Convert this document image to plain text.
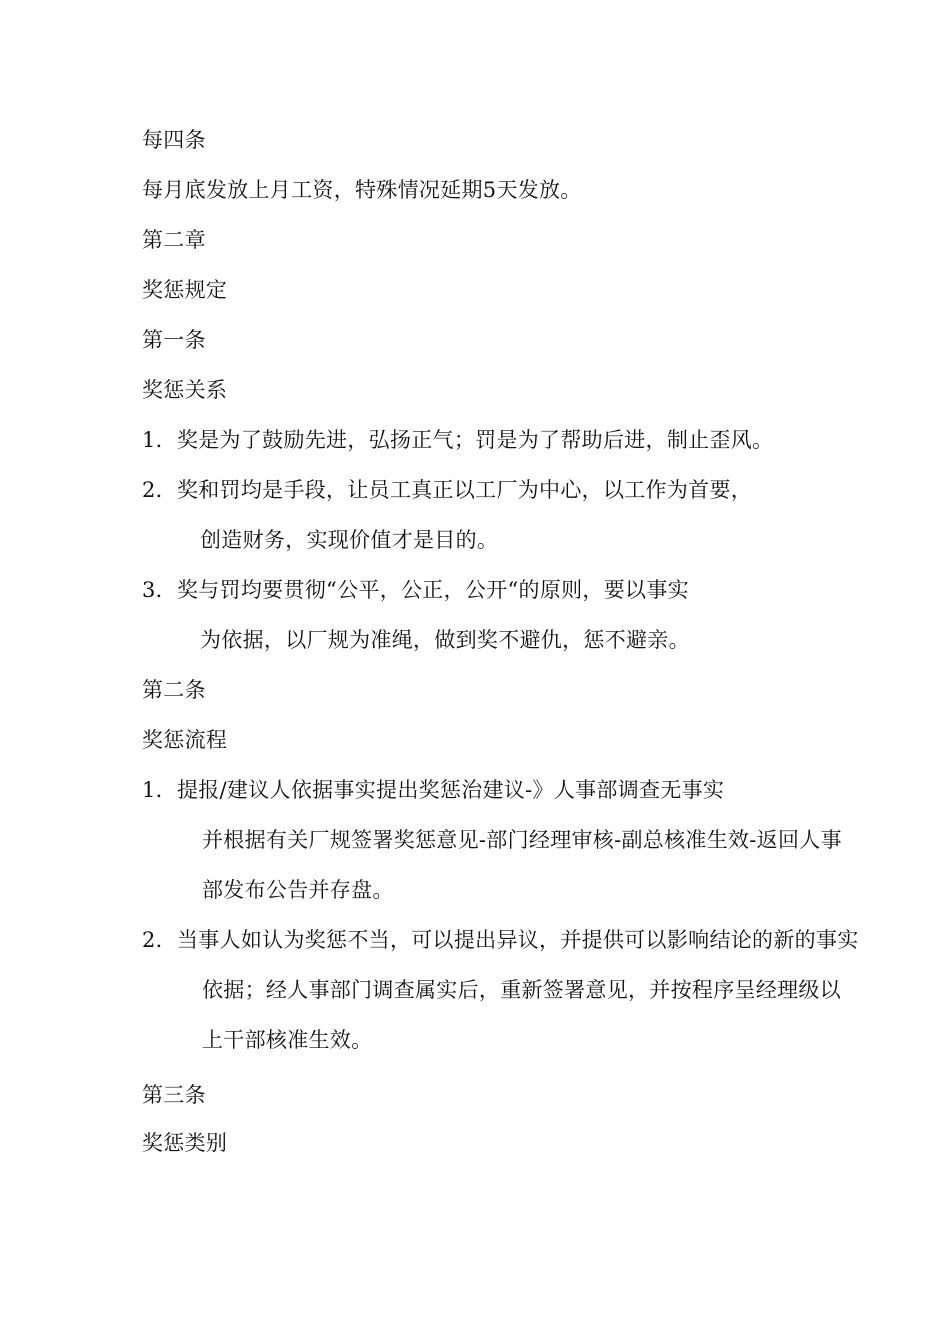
每四条
每月底发放上月工资，特殊情况延期5天发放。
第二章
奖惩规定
第一条
奖惩关系
1．奖是为了鼓励先进，弘扬正气；罚是为了帮助后进，制止歪风。
2．奖和罚均是手段，让员工真正以工厂为中心，以工作为首要，
创造财务，实现价值才是目的。
3．奖与罚均要贯彻“公平，公正，公开“的原则，要以事实
为依据，以厂规为准绳，做到奖不避仇，惩不避亲。
第二条
奖惩流程
1．提报/建议人依据事实提出奖惩治建议-》人事部调查无事实
并根据有关厂规签署奖惩意见-部门经理审核-副总核准生效-返回人事
部发布公告并存盘。
2．当事人如认为奖惩不当，可以提出异议，并提供可以影响结论的新的事实
依据；经人事部门调查属实后，重新签署意见，并按程序呈经理级以
上干部核准生效。
第三条
奖惩类别
